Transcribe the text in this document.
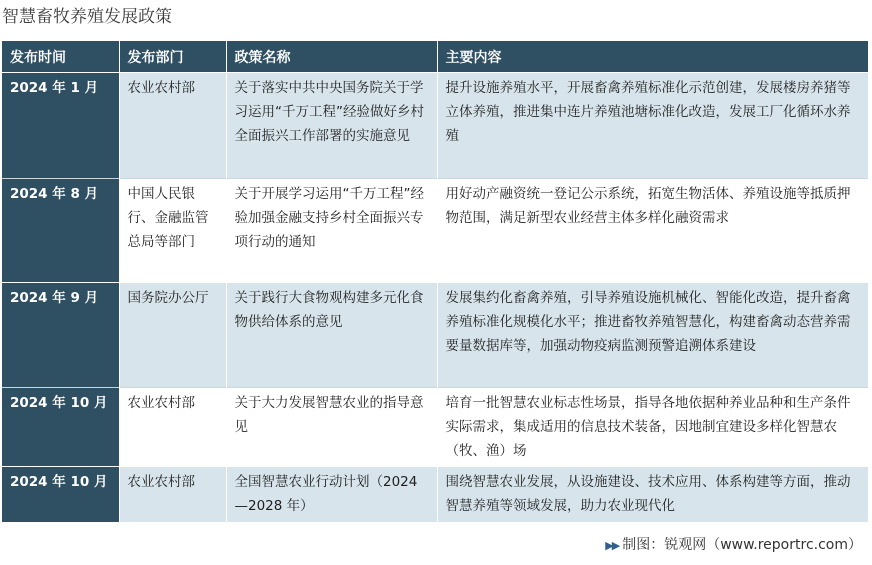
智慧畜牧养殖发展政策
发布时间	发布部门	政策名称	主要内容
2024 年 1 月	农业农村部	关于落实中共中央国务院关于学习运用“千万工程”经验做好乡村全面振兴工作部署的实施意见	提升设施养殖水平，开展畜禽养殖标准化示范创建，发展楼房养猪等立体养殖，推进集中连片养殖池塘标准化改造，发展工厂化循环水养殖
2024 年 8 月	中国人民银行、金融监管总局等部门	关于开展学习运用“千万工程”经验加强金融支持乡村全面振兴专项行动的通知	用好动产融资统一登记公示系统，拓宽生物活体、养殖设施等抵质押物范围，满足新型农业经营主体多样化融资需求
2024 年 9 月	国务院办公厅	关于践行大食物观构建多元化食物供给体系的意见	发展集约化畜禽养殖，引导养殖设施机械化、智能化改造，提升畜禽养殖标准化规模化水平；推进畜牧养殖智慧化，构建畜禽动态营养需要量数据库等，加强动物疫病监测预警追溯体系建设
2024 年 10 月	农业农村部	关于大力发展智慧农业的指导意见	培育一批智慧农业标志性场景，指导各地依据种养业品种和生产条件实际需求，集成适用的信息技术装备，因地制宜建设多样化智慧农（牧、渔）场
2024 年 10 月	农业农村部	全国智慧农业行动计划（2024—2028 年）	围绕智慧农业发展，从设施建设、技术应用、体系构建等方面，推动智慧养殖等领域发展，助力农业现代化
▶▶ 制图：锐观网（www.reportrc.com）
